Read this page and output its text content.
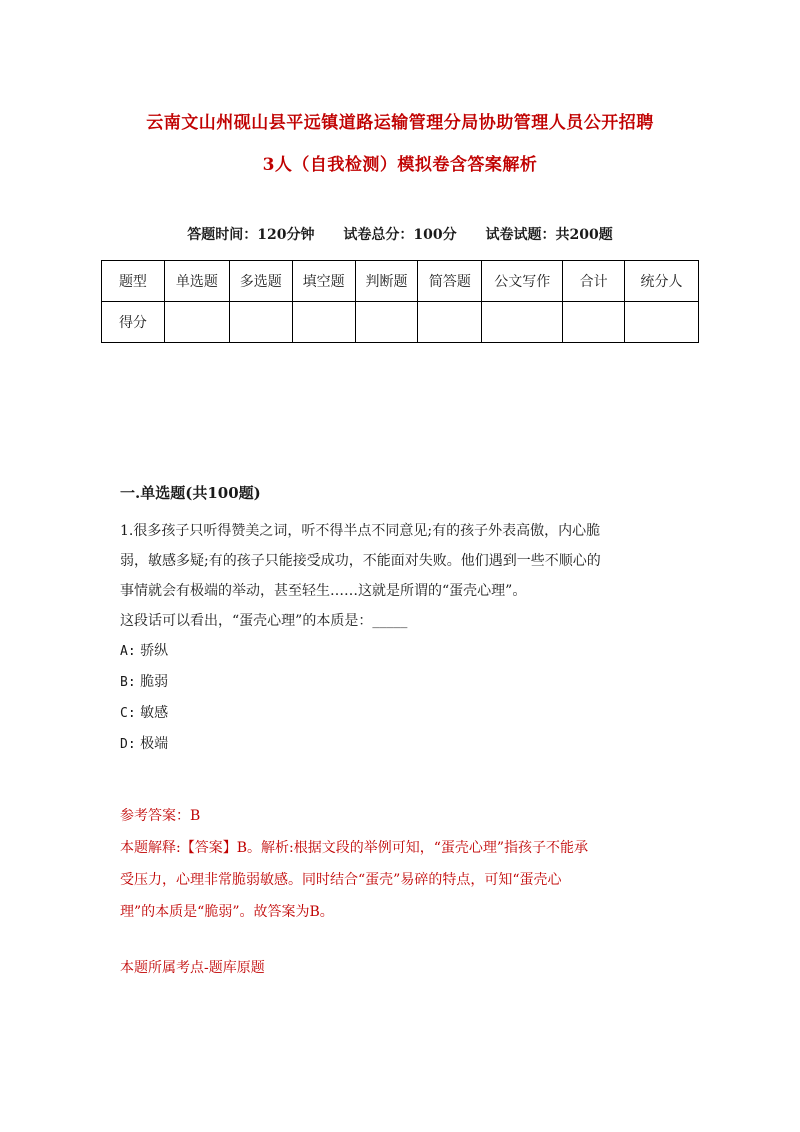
云南文山州砚山县平远镇道路运输管理分局协助管理人员公开招聘
3人（自我检测）模拟卷含答案解析
答题时间：120分钟 试卷总分：100分 试卷试题：共200题
题型	单选题	多选题	填空题	判断题	简答题	公文写作	合计	统分人
得分								
一.单选题(共100题)

1.很多孩子只听得赞美之词，听不得半点不同意见;有的孩子外表高傲，内心脆

弱，敏感多疑;有的孩子只能接受成功，不能面对失败。他们遇到一些不顺心的

事情就会有极端的举动，甚至轻生……这就是所谓的“蛋壳心理”。

这段话可以看出，“蛋壳心理”的本质是：_____

A: 骄纵

B: 脆弱

C: 敏感

D: 极端

参考答案：B

本题解释:【答案】B。解析:根据文段的举例可知，“蛋壳心理”指孩子不能承

受压力，心理非常脆弱敏感。同时结合“蛋壳”易碎的特点，可知“蛋壳心

理”的本质是“脆弱”。故答案为B。

本题所属考点-题库原题
